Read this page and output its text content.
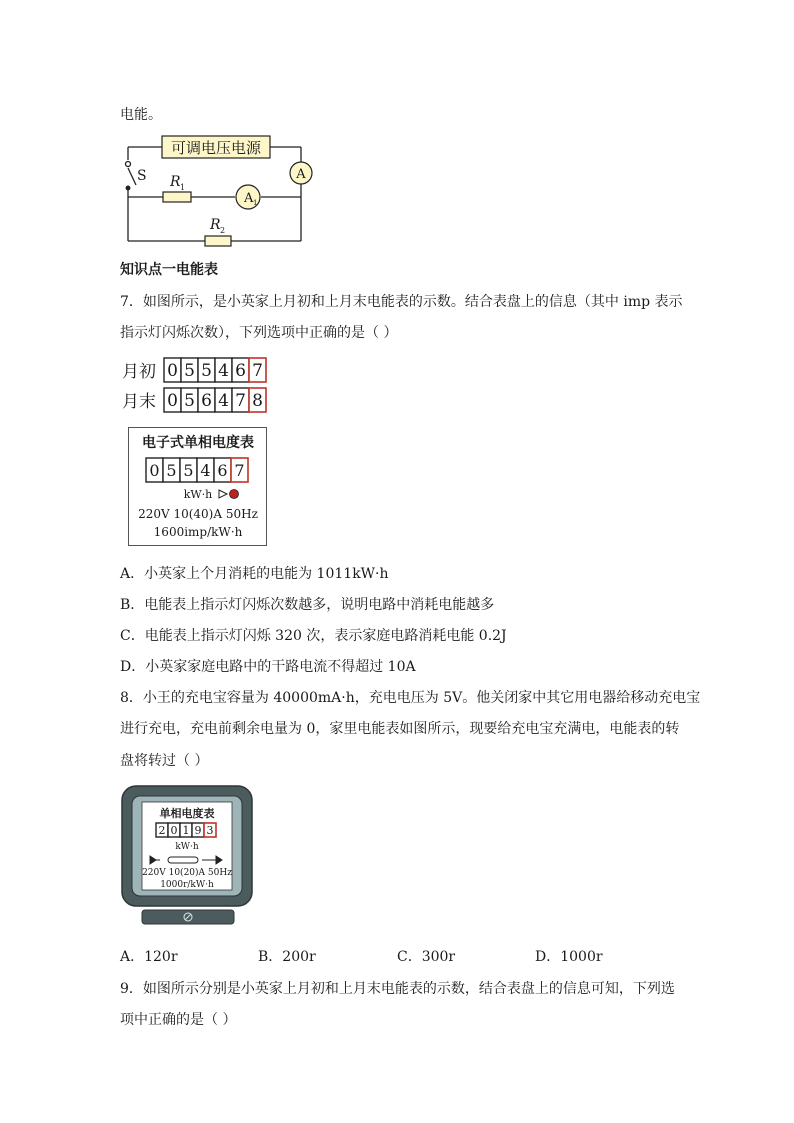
电能。
可调电压电源
S R 1
R 2
A 1
A
知识点一电能表
7．如图所示，是小英家上月初和上月末电能表的示数。结合表盘上的信息（其中 imp 表示
指示灯闪烁次数），下列选项中正确的是（ ）
月初
月末
0 5 5 4 6 7
0 5 6 4 7 8
电子式单相电度表
0 5 5 4 6 7
kW·h
220V 10(40)A 50Hz
1600imp/kW·h
A．小英家上个月消耗的电能为 1011kW·h
B．电能表上指示灯闪烁次数越多，说明电路中消耗电能越多
C．电能表上指示灯闪烁 320 次，表示家庭电路消耗电能 0.2J
D．小英家家庭电路中的干路电流不得超过 10A
8．小王的充电宝容量为 40000mA·h，充电电压为 5V。他关闭家中其它用电器给移动充电宝
进行充电，充电前剩余电量为 0，家里电能表如图所示，现要给充电宝充满电，电能表的转
盘将转过（ ）
单相电度表
2 0 1 9 3
kW·h
220V 10(20)A 50Hz
1000r/kW·h
A．120r	B．200r	C．300r	D．1000r
9．如图所示分别是小英家上月初和上月末电能表的示数，结合表盘上的信息可知，下列选
项中正确的是（ ）
